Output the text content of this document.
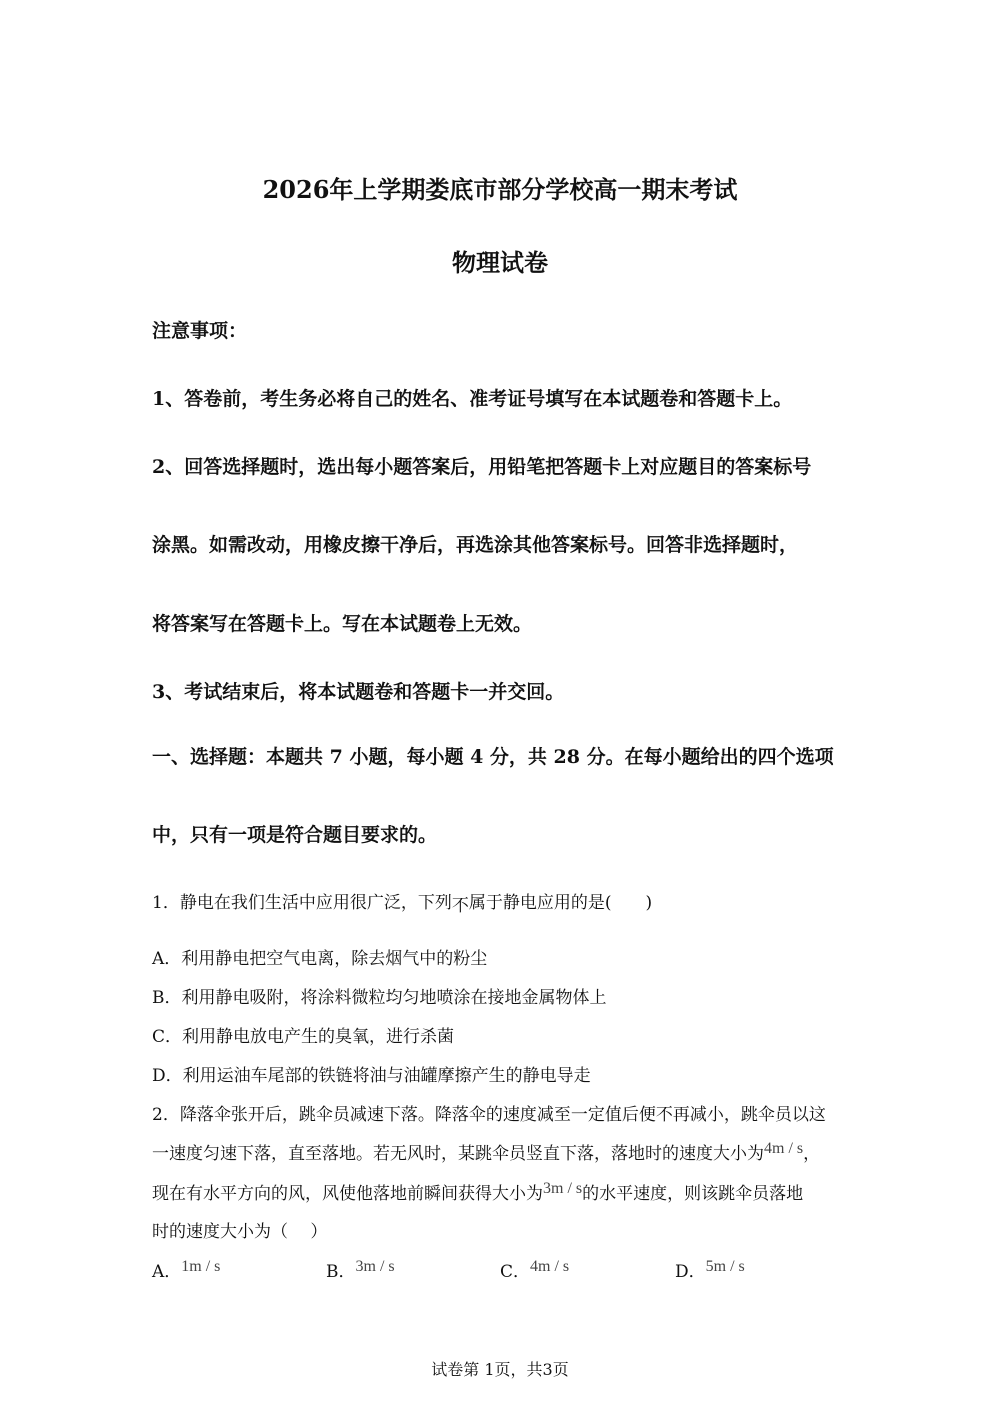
2026年上学期娄底市部分学校高一期末考试
物理试卷
注意事项：
1、答卷前，考生务必将自己的姓名、准考证号填写在本试题卷和答题卡上。
2、回答选择题时，选出每小题答案后，用铅笔把答题卡上对应题目的答案标号
涂黑。如需改动，用橡皮擦干净后，再选涂其他答案标号。回答非选择题时，
将答案写在答题卡上。写在本试题卷上无效。
3、考试结束后，将本试题卷和答题卡一并交回。
一、选择题：本题共 7 小题，每小题 4 分，共 28 分。在每小题给出的四个选项
中，只有一项是符合题目要求的。
1．静电在我们生活中应用很广泛，下列不属于静电应用的是(　　)
A．利用静电把空气电离，除去烟气中的粉尘
B．利用静电吸附，将涂料微粒均匀地喷涂在接地金属物体上
C．利用静电放电产生的臭氧，进行杀菌
D．利用运油车尾部的铁链将油与油罐摩擦产生的静电导走
2．降落伞张开后，跳伞员减速下落。降落伞的速度减至一定值后便不再减小，跳伞员以这
一速度匀速下落，直至落地。若无风时，某跳伞员竖直下落，落地时的速度大小为4m / s，
现在有水平方向的风，风使他落地前瞬间获得大小为3m / s的水平速度，则该跳伞员落地
时的速度大小为（　 ）
A．1m / s	B．3m / s	C．4m / s	D．5m / s
试卷第 1页，共3页
